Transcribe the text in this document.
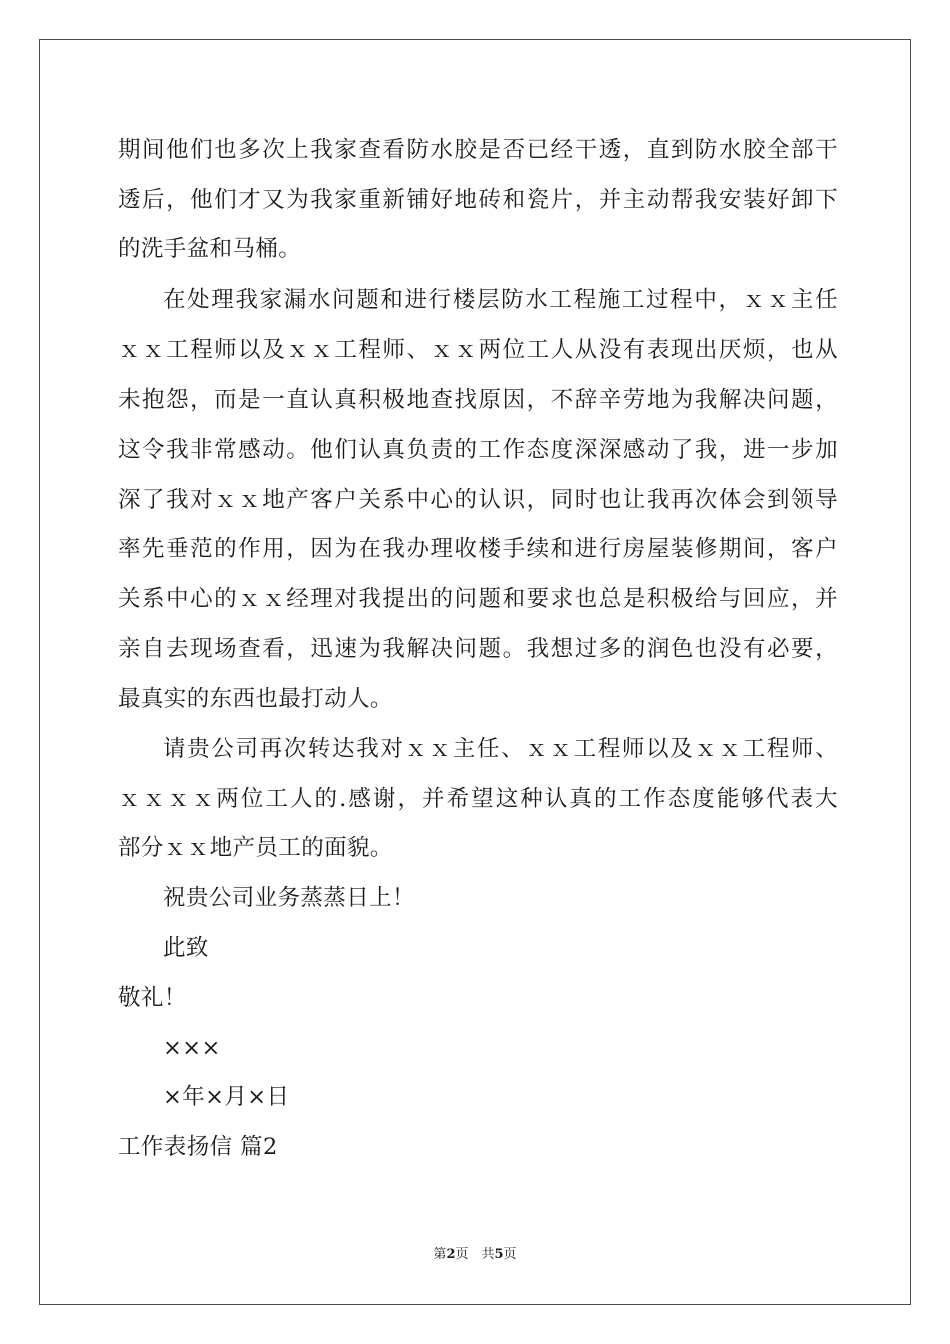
期间他们也多次上我家查看防水胶是否已经干透，直到防水胶全部干
透后，他们才又为我家重新铺好地砖和瓷片，并主动帮我安装好卸下
的洗手盆和马桶。
在处理我家漏水问题和进行楼层防水工程施工过程中，ｘｘ主任
ｘｘ工程师以及ｘｘ工程师、ｘｘ两位工人从没有表现出厌烦，也从
未抱怨，而是一直认真积极地查找原因，不辞辛劳地为我解决问题，
这令我非常感动。他们认真负责的工作态度深深感动了我，进一步加
深了我对ｘｘ地产客户关系中心的认识，同时也让我再次体会到领导
率先垂范的作用，因为在我办理收楼手续和进行房屋装修期间，客户
关系中心的ｘｘ经理对我提出的问题和要求也总是积极给与回应，并
亲自去现场查看，迅速为我解决问题。我想过多的润色也没有必要，
最真实的东西也最打动人。
请贵公司再次转达我对ｘｘ主任、ｘｘ工程师以及ｘｘ工程师、
ｘｘｘｘ两位工人的.感谢，并希望这种认真的工作态度能够代表大
部分ｘｘ地产员工的面貌。
祝贵公司业务蒸蒸日上！
此致
敬礼！
×××
×年×月×日
工作表扬信 篇2
第2页　共5页
